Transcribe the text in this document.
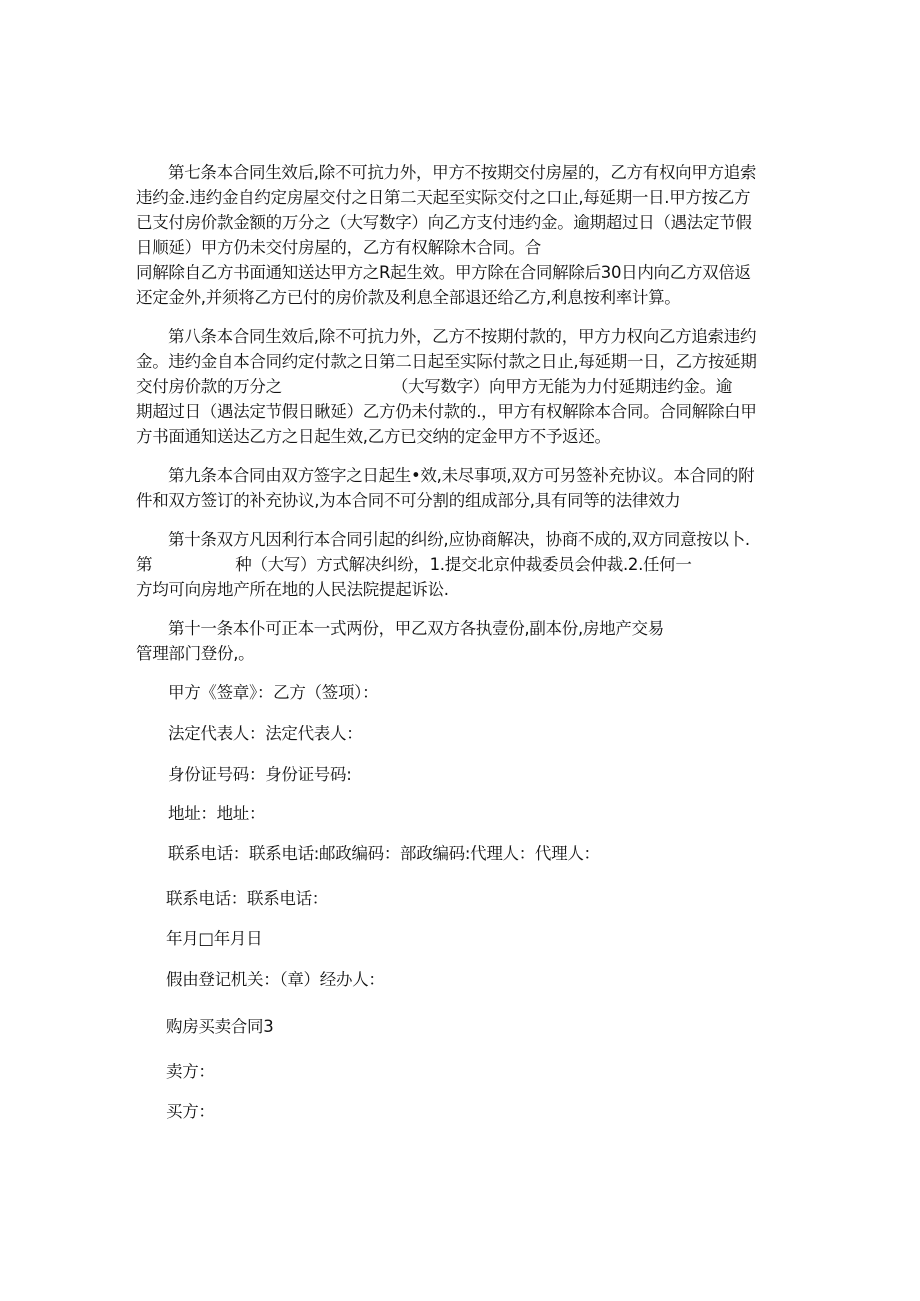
第七条本合同生效后,除不可抗力外，甲方不按期交付房屋的，乙方有权向甲方追索
违约金.违约金自约定房屋交付之日第二天起至实际交付之口止,每延期一日.甲方按乙方
已支付房价款金额的万分之（大写数字）向乙方支付违约金。逾期超过日（遇法定节假
日顺延）甲方仍未交付房屋的，乙方有权解除木合同。合
同解除自乙方书面通知送达甲方之R起生效。甲方除在合同解除后30日内向乙方双倍返
还定金外,并须将乙方已付的房价款及利息全部退还给乙方,利息按利率计算。
第八条本合同生效后,除不可抗力外，乙方不按期付款的，甲方力权向乙方追索违约
金。违约金自本合同约定付款之日第二日起至实际付款之日止,每延期一日，乙方按延期
交付房价款的万分之	（大写数字）向甲方无能为力付延期违约金。逾
期超过日（遇法定节假日瞅延）乙方仍未付款的.，甲方有权解除本合同。合同解除白甲
方书面通知送达乙方之日起生效,乙方已交纳的定金甲方不予返还。
第九条本合同由双方签字之日起生•效,未尽事项,双方可另签补充协议。本合同的附
件和双方签订的补充协议,为本合同不可分割的组成部分,具有同等的法律效力
第十条双方凡因利行本合同引起的纠纷,应协商解决，协商不成的,双方同意按以卜.
第	种（大写）方式解决纠纷，1.提交北京仲裁委员会仲裁.2.任何一
方均可向房地产所在地的人民法院提起诉讼.
第十一条本仆可正本一式两份，甲乙双方各执壹份,副本份,房地产交易
管理部门登份,。
甲方《签章》：乙方（签项）：
法定代表人：法定代表人：
身份证号码：身份证号码:
地址：地址：
联系电话：联系电话:邮政编码：部政编码:代理人：代理人：
联系电话：联系电话：
年月□年月日
假由登记机关：（章）经办人：
购房买卖合同3
卖方：
买方：
